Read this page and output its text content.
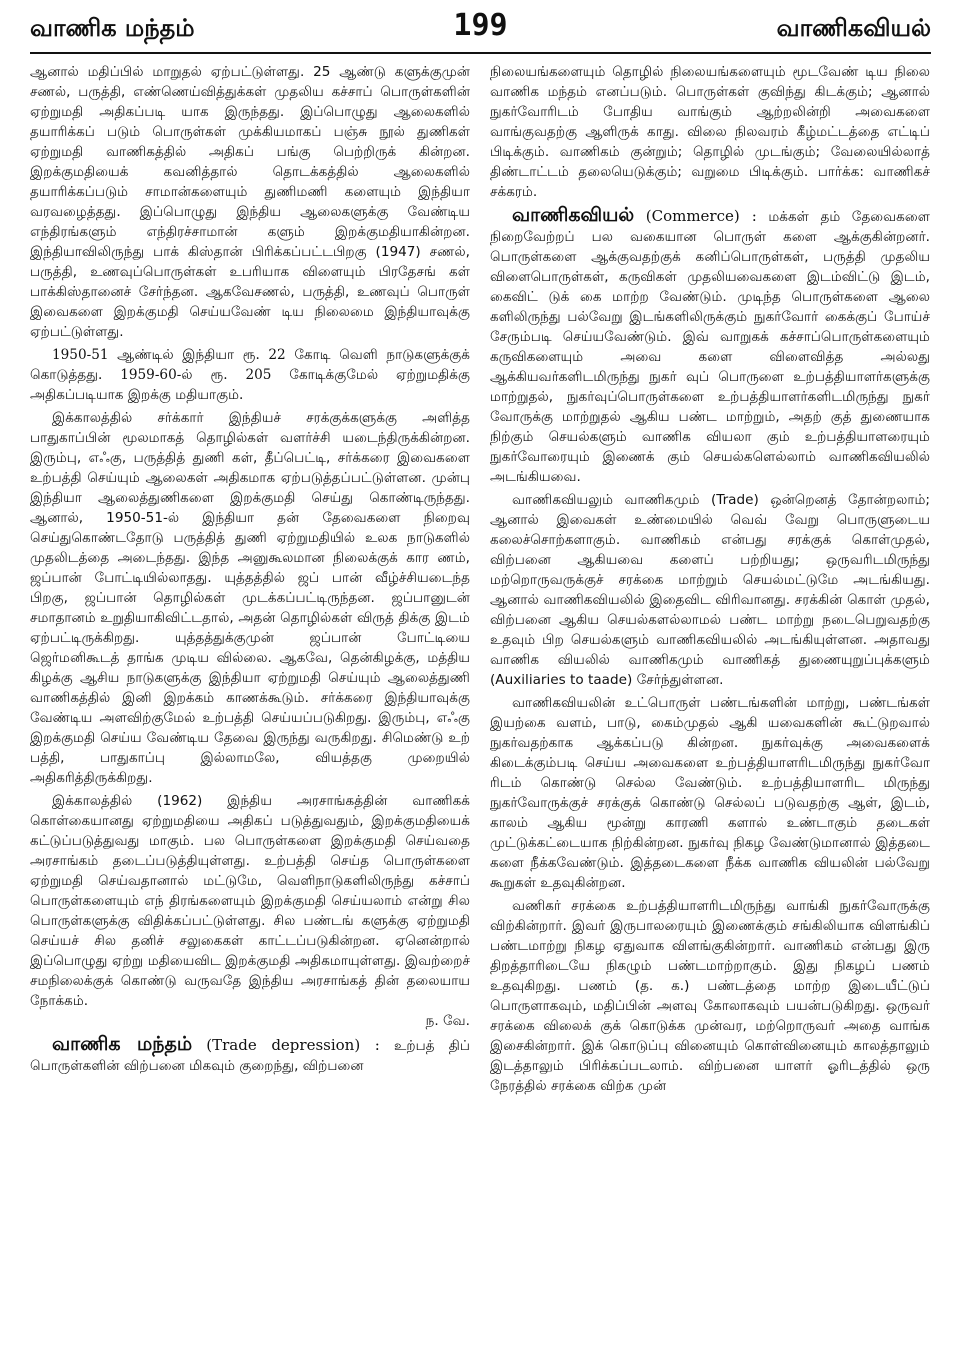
வாணிக மந்தம்	199	வாணிகவியல்

ஆனால் மதிப்பில் மாறுதல் ஏற்பட்டுள்ளது. 25 ஆண்டு களுக்குமுன் சணல், பருத்தி, எண்ணெய்வித்துக்கள் முதலிய கச்சாப் பொருள்களின் ஏற்றுமதி அதிகப்படி யாக இருந்தது. இப்பொழுது ஆலைகளில் தயாரிக்கப் படும் பொருள்கள் முக்கியமாகப் பஞ்சு நூல் துணிகள் ஏற்றுமதி வாணிகத்தில் அதிகப் பங்கு பெற்றிருக் கின்றன. இறக்குமதியைக் கவனித்தால் தொடக்கத்தில் ஆலைகளில் தயாரிக்கப்படும் சாமான்களையும் துணிமணி களையும் இந்தியா வரவழைத்தது. இப்பொழுது இந்திய ஆலைகளுக்கு வேண்டிய எந்திரங்களும் எந்திரச்சாமான் களும் இறக்குமதியாகின்றன. இந்தியாவிலிருந்து பாக் கிஸ்தான் பிரிக்கப்பட்டபிறகு (1947) சணல், பருத்தி, உணவுப்பொருள்கள் உபரியாக விளையும் பிரதேசங் கள் பாக்கிஸ்தானைச் சேர்ந்தன. ஆகவேசணல், பருத்தி, உணவுப் பொருள் இவைகளை இறக்குமதி செய்யவேண் டிய நிலைமை இந்தியாவுக்கு ஏற்பட்டுள்ளது.

1950-51 ஆண்டில் இந்தியா ரூ. 22 கோடி வெளி நாடுகளுக்குக் கொடுத்தது. 1959-60-ல் ரூ. 205 கோடிக்குமேல் ஏற்றுமதிக்கு அதிகப்படியாக இறக்கு மதியாகும்.

இக்காலத்தில் சர்க்கார் இந்தியச் சரக்குக்களுக்கு அளித்த பாதுகாப்பின் மூலமாகத் தொழில்கள் வளர்ச்சி யடைந்திருக்கின்றன. இரும்பு, எஃகு, பருத்தித் துணி கள், தீப்பெட்டி, சர்க்கரை இவைகளை உற்பத்தி செய்யும் ஆலைகள் அதிகமாக ஏற்படுத்தப்பட்டுள்ளன. முன்பு இந்தியா ஆலைத்துணிகளை இறக்குமதி செய்து கொண்டிருந்தது. ஆனால், 1950-51-ல் இந்தியா தன் தேவைகளை நிறைவு செய்துகொண்டதோடு பருத்தித் துணி ஏற்றுமதியில் உலக நாடுகளில் முதலிடத்தை அடைந்தது. இந்த அனுகூலமான நிலைக்குக் கார ணம், ஜப்பான் போட்டியில்லாதது. யுத்தத்தில் ஜப் பான் வீழ்ச்சியடைந்த பிறகு, ஜப்பான் தொழில்கள் முடக்கப்பட்டிருந்தன. ஜப்பானுடன் சமாதானம் உறுதியாகிவிட்டதால், அதன் தொழில்கள் விருத் திக்கு இடம் ஏற்பட்டிருக்கிறது. யுத்தத்துக்குமுன் ஜப்பான் போட்டியை ஜெர்மனிகூடத் தாங்க முடிய வில்லை. ஆகவே, தென்கிழக்கு, மத்திய கிழக்கு ஆசிய நாடுகளுக்கு இந்தியா ஏற்றுமதி செய்யும் ஆலைத்துணி வாணிகத்தில் இனி இறக்கம் காணக்கூடும். சர்க்கரை இந்தியாவுக்கு வேண்டிய அளவிற்குமேல் உற்பத்தி செய்யப்படுகிறது. இரும்பு, எஃகு இறக்குமதி செய்ய வேண்டிய தேவை இருந்து வருகிறது. சிமெண்டு உற் பத்தி, பாதுகாப்பு இல்லாமலே, வியத்தகு முறையில் அதிகரித்திருக்கிறது.

இக்காலத்தில் (1962) இந்திய அரசாங்கத்தின் வாணிகக் கொள்கையானது ஏற்றுமதியை அதிகப் படுத்துவதும், இறக்குமதியைக் கட்டுப்படுத்துவது மாகும். பல பொருள்களை இறக்குமதி செய்வதை அரசாங்கம் தடைப்படுத்தியுள்ளது. உற்பத்தி செய்த பொருள்களை ஏற்றுமதி செய்வதானால் மட்டுமே, வெளிநாடுகளிலிருந்து கச்சாப் பொருள்களையும் எந் திரங்களையும் இறக்குமதி செய்யலாம் என்று சில பொருள்களுக்கு விதிக்கப்பட்டுள்ளது. சில பண்டங் களுக்கு ஏற்றுமதி செய்யச் சில தனிச் சலுகைகள் காட்டப்படுகின்றன. ஏனென்றால் இப்பொழுது ஏற்று மதியைவிட இறக்குமதி அதிகமாயுள்ளது. இவற்றைச் சமநிலைக்குக் கொண்டு வருவதே இந்திய அரசாங்கத் தின் தலையாய நோக்கம்.

ந. வே.

வாணிக மந்தம் (Trade depression) : உற்பத் திப் பொருள்களின் விற்பனை மிகவும் குறைந்து, விற்பனை

நிலையங்களையும் தொழில் நிலையங்களையும் மூடவேண் டிய நிலை வாணிக மந்தம் எனப்படும். பொருள்கள் குவிந்து கிடக்கும்; ஆனால் நுகர்வோரிடம் போதிய வாங்கும் ஆற்றலின்றி அவைகளை வாங்குவதற்கு ஆளிருக் காது. விலை நிலவரம் கீழ்மட்டத்தை எட்டிப் பிடிக்கும். வாணிகம் குன்றும்; தொழில் முடங்கும்; வேலையில்லாத் திண்டாட்டம் தலையெடுக்கும்; வறுமை பிடிக்கும். பார்க்க: வாணிகச் சக்கரம்.

வாணிகவியல் (Commerce) : மக்கள் தம் தேவைகளை நிறைவேற்றப் பல வகையான பொருள் களை ஆக்குகின்றனர். பொருள்களை ஆக்குவதற்குக் கனிப்பொருள்கள், பருத்தி முதலிய விளைபொருள்கள், கருவிகள் முதலியவைகளை இடம்விட்டு இடம், கைவிட் டுக் கை மாற்ற வேண்டும். முடிந்த பொருள்களை ஆலை களிலிருந்து பல்வேறு இடங்களிலிருக்கும் நுகர்வோர் கைக்குப் போய்ச் சேரும்படி செய்யவேண்டும். இவ் வாறுகக் கச்சாப்பொருள்களையும் கருவிகளையும் அவை களை விளைவித்த அல்லது ஆக்கியவர்களிடமிருந்து நுகர் வுப் பொருளை உற்பத்தியாளர்களுக்கு மாற்றுதல், நுகர்வுப்பொருள்களை உற்பத்தியாளர்களிடமிருந்து நுகர் வோருக்கு மாற்றுதல் ஆகிய பண்ட மாற்றும், அதற் குத் துணையாக நிற்கும் செயல்களும் வாணிக வியலா கும் உற்பத்தியாளரையும் நுகர்வோரையும் இணைக் கும் செயல்களெல்லாம் வாணிகவியலில் அடங்கியவை.

வாணிகவியலும் வாணிகமும் (Trade) ஒன்றெனத் தோன்றலாம்; ஆனால் இவைகள் உண்மையில் வெவ் வேறு பொருளுடைய கலைச்சொற்களாகும். வாணிகம் என்பது சரக்குக் கொள்முதல், விற்பனை ஆகியவை களைப் பற்றியது; ஒருவரிடமிருந்து மற்றொருவருக்குச் சரக்கை மாற்றும் செயல்மட்டுமே அடங்கியது. ஆனால் வாணிகவியலில் இதைவிட விரிவானது. சரக்கின் கொள் முதல், விற்பனை ஆகிய செயல்களல்லாமல் பண்ட மாற்று நடைபெறுவதற்கு உதவும் பிற செயல்களும் வாணிகவியலில் அடங்கியுள்ளன. அதாவது வாணிக வியலில் வாணிகமும் வாணிகத் துணையுறுப்புக்களும் (Auxiliaries to taade) சேர்ந்துள்ளன.

வாணிகவியலின் உட்பொருள் பண்டங்களின் மாற்று, பண்டங்கள் இயற்கை வளம், பாடு, கைம்முதல் ஆகி யவைகளின் கூட்டுறவால் நுகர்வதற்காக ஆக்கப்படு கின்றன. நுகர்வுக்கு அவைகளைக் கிடைக்கும்படி செய்ய அவைகளை உற்பத்தியாளரிடமிருந்து நுகர்வோ ரிடம் கொண்டு செல்ல வேண்டும். உற்பத்தியாளரிட மிருந்து நுகர்வோருக்குச் சரக்குக் கொண்டு செல்லப் படுவதற்கு ஆள், இடம், காலம் ஆகிய மூன்று காரணி களால் உண்டாகும் தடைகள் முட்டுக்கட்டையாக நிற்கின்றன. நுகர்வு நிகழ வேண்டுமானால் இத்தடை களை நீக்கவேண்டும். இத்தடைகளை நீக்க வாணிக வியலின் பல்வேறு கூறுகள் உதவுகின்றன.

வணிகர் சரக்கை உற்பத்தியாளரிடமிருந்து வாங்கி நுகர்வோருக்கு விற்கின்றார். இவர் இருபாலரையும் இணைக்கும் சங்கிலியாக விளங்கிப் பண்டமாற்று நிகழ ஏதுவாக விளங்குகின்றார். வாணிகம் என்பது இரு திறத்தாரிடையே நிகழும் பண்டமாற்றாகும். இது நிகழப் பணம் உதவுகிறது. பணம் (த. க.) பண்டத்தை மாற்ற இடையீட்டுப் பொருளாகவும், மதிப்பின் அளவு கோலாகவும் பயன்படுகிறது. ஒருவர் சரக்கை விலைக் குக் கொடுக்க முன்வர, மற்றொருவர் அதை வாங்க இசைகின்றார். இக் கொடுப்பு வினையும் கொள்வினையும் காலத்தாலும் இடத்தாலும் பிரிக்கப்படலாம். விற்பனை யாளர் ஓரிடத்தில் ஒரு நேரத்தில் சரக்கை விற்க முன்
